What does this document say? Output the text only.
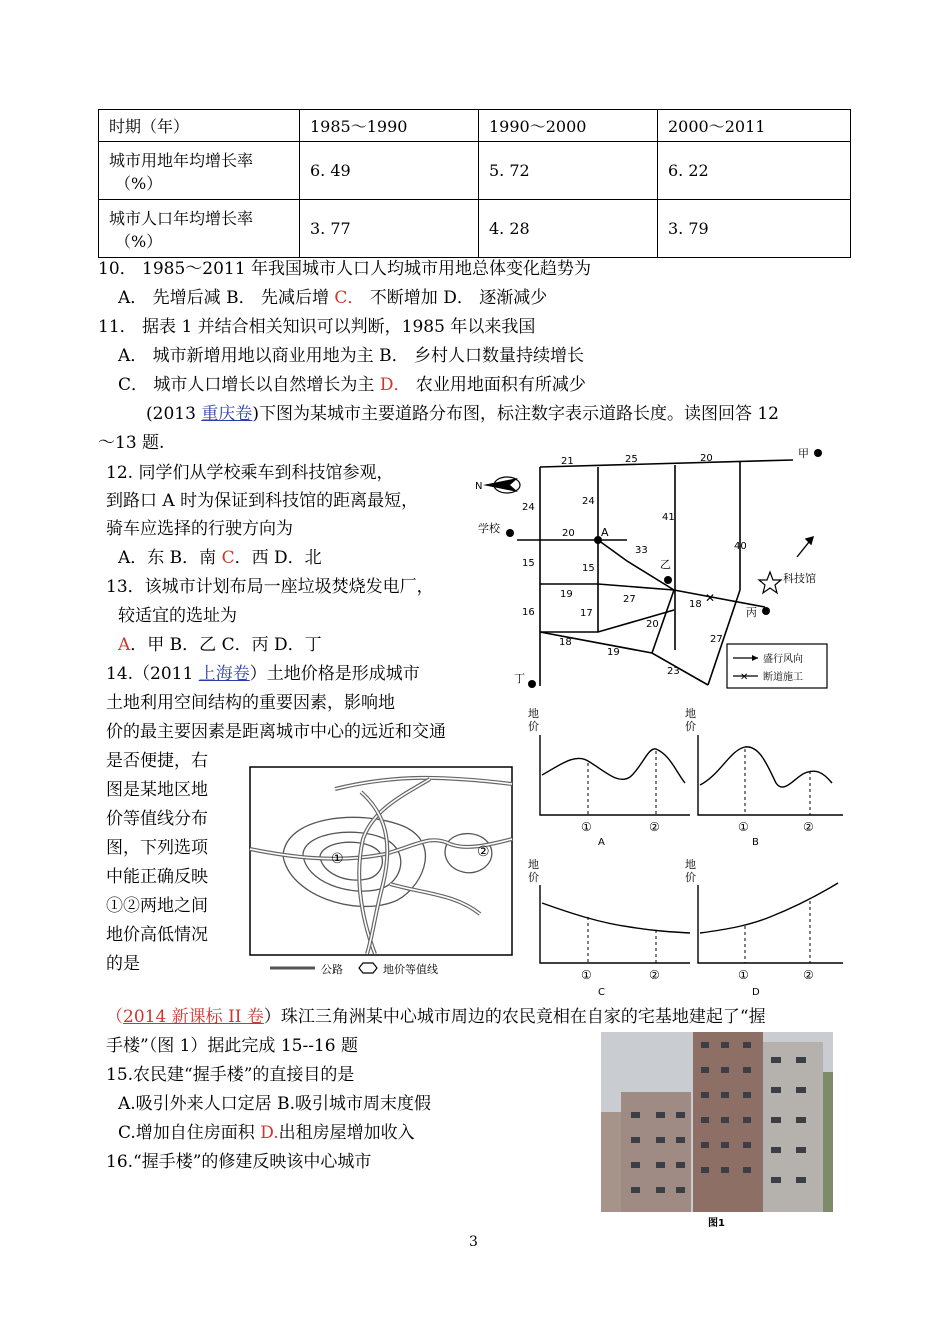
时期（年）	1985～1990	1990～2000	2000～2011

城市用地年均增长率
（%）	6. 49	5. 72	6. 22

城市人口年均增长率
（%）	3. 77	4. 28	3. 79
10． 1985～2011 年我国城市人口人均城市用地总体变化趋势为
A． 先增后减 B． 先减后增 C． 不断增加 D． 逐渐减少
11． 据表 1 并结合相关知识可以判断，1985 年以来我国
A． 城市新增用地以商业用地为主 B． 乡村人口数量持续增长
C． 城市人口增长以自然增长为主 D． 农业用地面积有所减少
(2013 重庆卷)下图为某城市主要道路分布图，标注数字表示道路长度。读图回答 12
～13 题.
12. 同学们从学校乘车到科技馆参观，
到路口 A 时为保证到科技馆的距离最短，
骑车应选择的行驶方向为
A．东 B．南 C．西 D．北
13．该城市计划布局一座垃圾焚烧发电厂，
较适宜的选址为
A．甲 B．乙 C．丙 D．丁
14.（2011 上海卷）土地价格是形成城市
土地利用空间结构的重要因素，影响地
价的最主要因素是距离城市中心的远近和交通
是否便捷，右
图是某地区地
价等值线分布
图，下列选项
中能正确反映
①②两地之间
地价高低情况
的是
（2014 新课标 II 卷）珠江三角洲某中心城市周边的农民竟相在自家的宅基地建起了“握
手楼”（图 1）据此完成 15--16 题
15.农民建“握手楼”的直接目的是
A.吸引外来人口定居 B.吸引城市周末度假
C.增加自住房面积 D.出租房屋增加收入
16.“握手楼”的修建反映该中心城市
21	25	20
24
24
41
20
33	40
15	15
19	27	18
16	17
20
27
18
19
23
N
甲
学校	A
乙
丙
丁
科技馆
✕
盛行风向
✕ 断道施工
①	②
公路	地价等值线
地
价
①	②
A
地
价
①	②
B
地
价
①	②
C
地
价
①	②
D
图1
3
